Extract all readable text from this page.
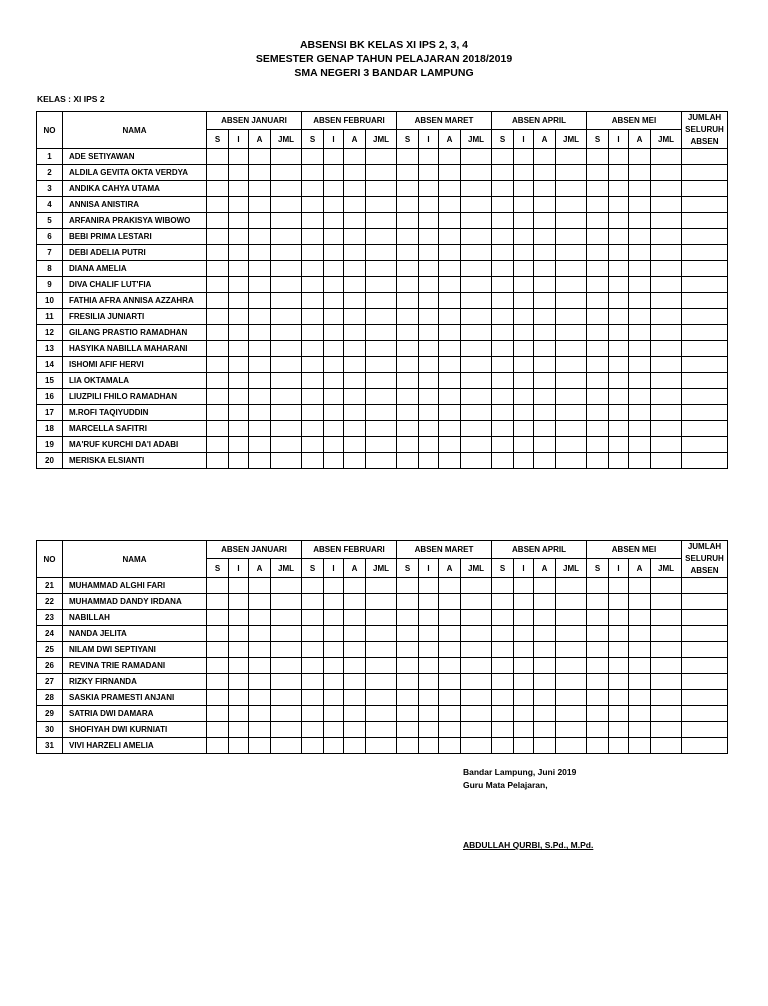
ABSENSI BK KELAS XI IPS 2, 3, 4
SEMESTER GENAP TAHUN PELAJARAN 2018/2019
SMA NEGERI 3 BANDAR LAMPUNG
KELAS : XI IPS 2
NO	NAMA	ABSEN JANUARI				ABSEN FEBRUARI				ABSEN MARET				ABSEN APRIL				ABSEN MEI				JUMLAH SELURUH ABSEN
		S	I	A	JML	S	I	A	JML	S	I	A	JML	S	I	A	JML	S	I	A	JML	
1	ADE SETIYAWAN																					
2	ALDILA GEVITA OKTA VERDYA																					
3	ANDIKA CAHYA UTAMA																					
4	ANNISA ANISTIRA																					
5	ARFANIRA PRAKISYA WIBOWO																					
6	BEBI PRIMA LESTARI																					
7	DEBI ADELIA PUTRI																					
8	DIANA AMELIA																					
9	DIVA CHALIF LUT'FIA																					
10	FATHIA AFRA ANNISA AZZAHRA																					
11	FRESILIA JUNIARTI																					
12	GILANG PRASTIO RAMADHAN																					
13	HASYIKA NABILLA MAHARANI																					
14	ISHOMI AFIF HERVI																					
15	LIA OKTAMALA																					
16	LIUZPILI FHILO RAMADHAN																					
17	M.ROFI TAQIYUDDIN																					
18	MARCELLA SAFITRI																					
19	MA'RUF KURCHI DA'I ADABI																					
20	MERISKA ELSIANTI																					
NO	NAMA	ABSEN JANUARI				ABSEN FEBRUARI				ABSEN MARET				ABSEN APRIL				ABSEN MEI				JUMLAH SELURUH ABSEN
		S	I	A	JML	S	I	A	JML	S	I	A	JML	S	I	A	JML	S	I	A	JML	
21	MUHAMMAD ALGHI FARI																					
22	MUHAMMAD DANDY IRDANA																					
23	NABILLAH																					
24	NANDA JELITA																					
25	NILAM DWI SEPTIYANI																					
26	REVINA TRIE RAMADANI																					
27	RIZKY FIRNANDA																					
28	SASKIA PRAMESTI ANJANI																					
29	SATRIA DWI DAMARA																					
30	SHOFIYAH DWI KURNIATI																					
31	VIVI HARZELI AMELIA																					
Bandar Lampung, Juni 2019
Guru Mata Pelajaran,
ABDULLAH QURBI, S.Pd., M.Pd.
